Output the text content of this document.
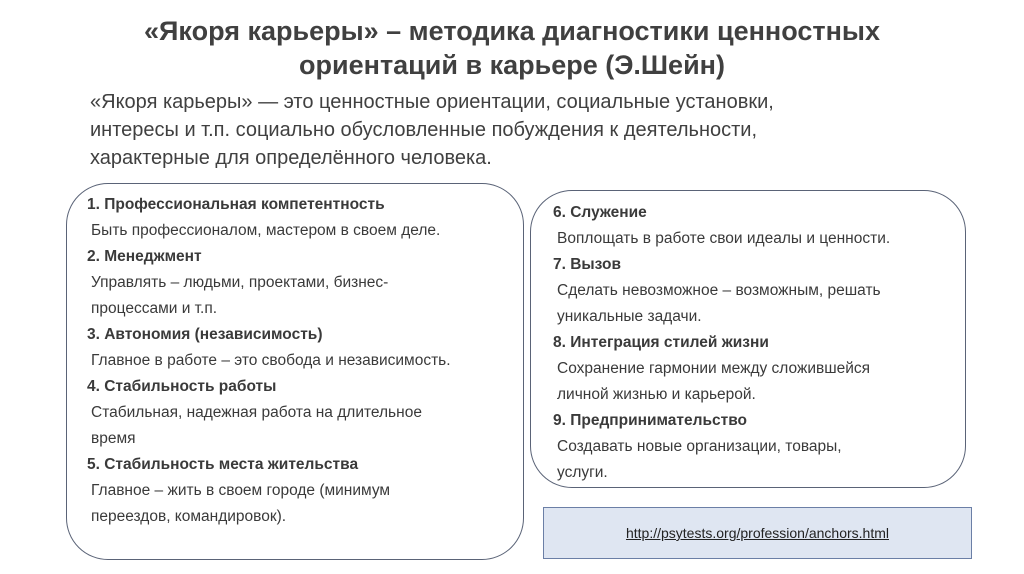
«Якоря карьеры» – методика диагностики ценностных
ориентаций в карьере (Э.Шейн)
«Якоря карьеры» — это ценностные ориентации, социальные установки,
интересы и т.п. социально обусловленные побуждения к деятельности,
характерные для определённого человека.
1. Профессиональная компетентность
Быть профессионалом, мастером в своем деле.
2. Менеджмент
Управлять – людьми, проектами, бизнес-
процессами и т.п.
3. Автономия (независимость)
Главное в работе – это свобода и независимость.
4. Стабильность работы
Стабильная, надежная работа на длительное
время
5. Стабильность места жительства
Главное – жить в своем городе (минимум
переездов, командировок).
6. Служение
Воплощать в работе свои идеалы и ценности.
7. Вызов
Сделать невозможное – возможным, решать
уникальные задачи.
8. Интеграция стилей жизни
Сохранение гармонии между сложившейся
личной жизнью и карьерой.
9. Предпринимательство
Создавать новые организации, товары,
услуги.
http://psytests.org/profession/anchors.html
